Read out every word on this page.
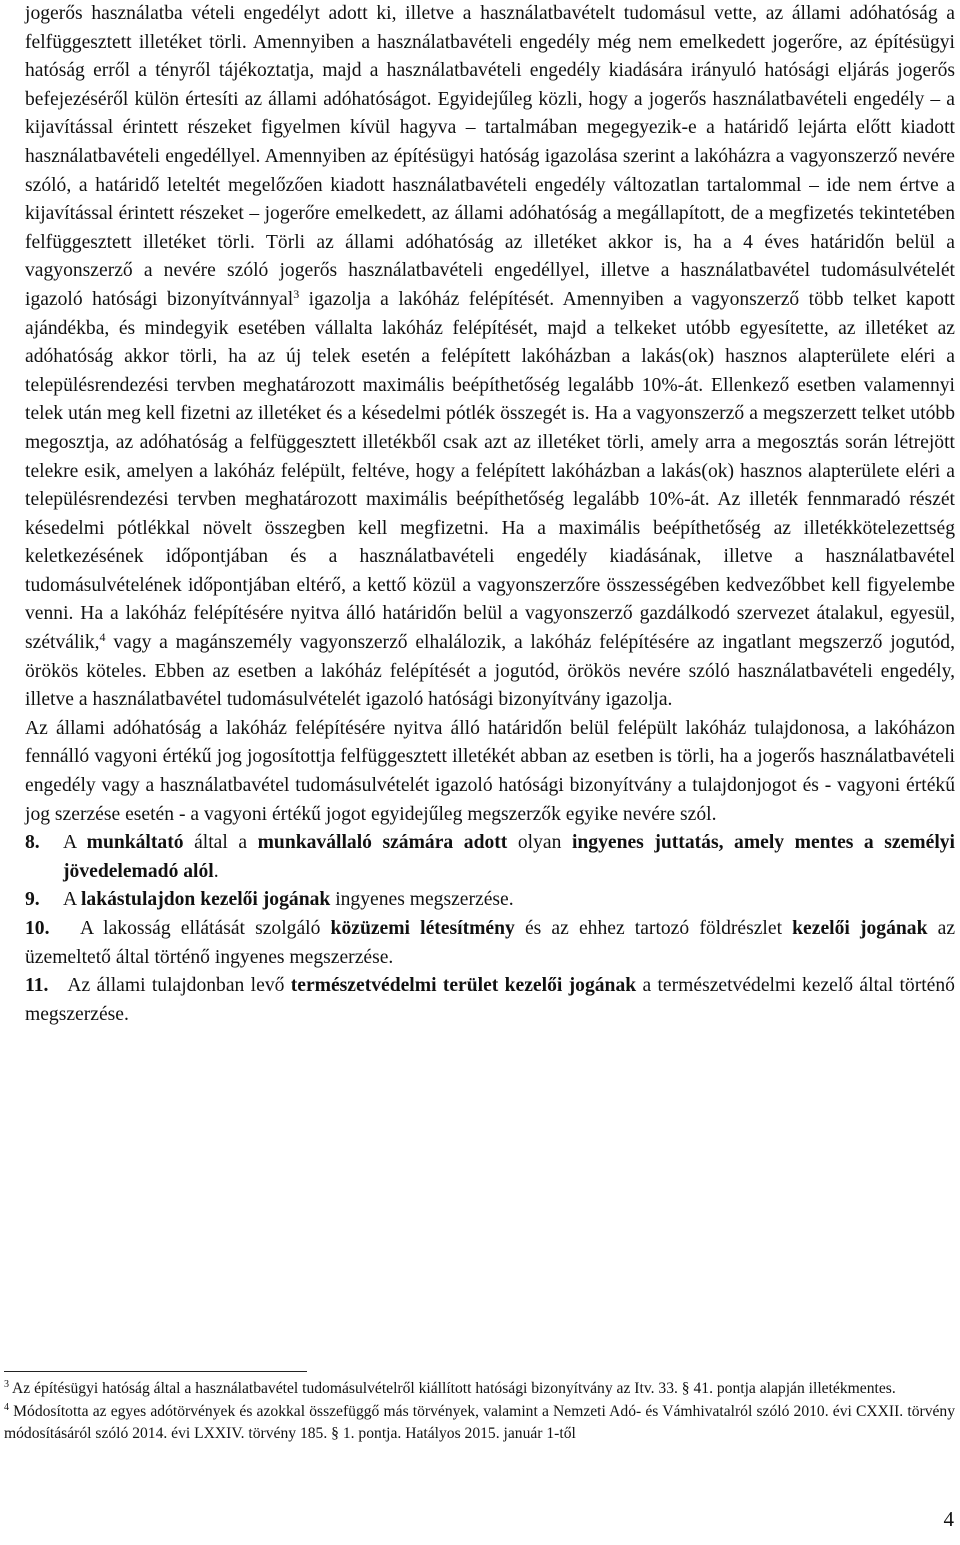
jogerős használatba vételi engedélyt adott ki, illetve a használatbavételt tudomásul vette, az állami adóhatóság a felfüggesztett illetéket törli. Amennyiben a használatbavételi engedély még nem emelkedett jogerőre, az építésügyi hatóság erről a tényről tájékoztatja, majd a használatbavételi engedély kiadására irányuló hatósági eljárás jogerős befejezéséről külön értesíti az állami adóhatóságot. Egyidejűleg közli, hogy a jogerős használatbavételi engedély – a kijavítással érintett részeket figyelmen kívül hagyva – tartalmában megegyezik-e a határidő lejárta előtt kiadott használatbavételi engedéllyel. Amennyiben az építésügyi hatóság igazolása szerint a lakóházra a vagyonszerző nevére szóló, a határidő leteltét megelőzően kiadott használatbavételi engedély változatlan tartalommal – ide nem értve a kijavítással érintett részeket – jogerőre emelkedett, az állami adóhatóság a megállapított, de a megfizetés tekintetében felfüggesztett illetéket törli. Törli az állami adóhatóság az illetéket akkor is, ha a 4 éves határidőn belül a vagyonszerző a nevére szóló jogerős használatbavételi engedéllyel, illetve a használatbavétel tudomásulvételét igazoló hatósági bizonyítvánnyal$^3$ igazolja a lakóház felépítését. Amennyiben a vagyonszerző több telket kapott ajándékba, és mindegyik esetében vállalta lakóház felépítését, majd a telkeket utóbb egyesítette, az illetéket az adóhatóság akkor törli, ha az új telek esetén a felépített lakóházban a lakás(ok) hasznos alapterülete eléri a településrendezési tervben meghatározott maximális beépíthetőség legalább 10%-át. Ellenkező esetben valamennyi telek után meg kell fizetni az illetéket és a késedelmi pótlék összegét is. Ha a vagyonszerző a megszerzett telket utóbb megosztja, az adóhatóság a felfüggesztett illetékből csak azt az illetéket törli, amely arra a megosztás során létrejött telekre esik, amelyen a lakóház felépült, feltéve, hogy a felépített lakóházban a lakás(ok) hasznos alapterülete eléri a településrendezési tervben meghatározott maximális beépíthetőség legalább 10%-át. Az illeték fennmaradó részét késedelmi pótlékkal növelt összegben kell megfizetni. Ha a maximális beépíthetőség az illetékkötelezettség keletkezésének időpontjában és a használatbavételi engedély kiadásának, illetve a használatbavétel tudomásulvételének időpontjában eltérő, a kettő közül a vagyonszerzőre összességében kedvezőbbet kell figyelembe venni. Ha a lakóház felépítésére nyitva álló határidőn belül a vagyonszerző gazdálkodó szervezet átalakul, egyesül, szétválik,$^4$ vagy a magánszemély vagyonszerző elhalálozik, a lakóház felépítésére az ingatlant megszerző jogutód, örökös köteles. Ebben az esetben a lakóház felépítését a jogutód, örökös nevére szóló használatbavételi engedély, illetve a használatbavétel tudomásulvételét igazoló hatósági bizonyítvány igazolja.

Az állami adóhatóság a lakóház felépítésére nyitva álló határidőn belül felépült lakóház tulajdonosa, a lakóházon fennálló vagyoni értékű jog jogosítottja felfüggesztett illetékét abban az esetben is törli, ha a jogerős használatbavételi engedély vagy a használatbavétel tudomásulvételét igazoló hatósági bizonyítvány a tulajdonjogot és - vagyoni értékű jog szerzése esetén - a vagyoni értékű jogot egyidejűleg megszerzők egyike nevére szól.

8.	A munkáltató által a munkavállaló számára adott olyan ingyenes juttatás, amely mentes a személyi jövedelemadó alól.
9.	A lakástulajdon kezelői jogának ingyenes megszerzése.
10. A lakosság ellátását szolgáló közüzemi létesítmény és az ehhez tartozó földrészlet kezelői jogának az üzemeltető által történő ingyenes megszerzése.
11. Az állami tulajdonban levő természetvédelmi terület kezelői jogának a természetvédelmi kezelő által történő megszerzése.

$^3$ Az építésügyi hatóság által a használatbavétel tudomásulvételről kiállított hatósági bizonyítvány az Itv. 33. § 41. pontja alapján illetékmentes.

$^4$ Módosította az egyes adótörvények és azokkal összefüggő más törvények, valamint a Nemzeti Adó- és Vámhivatalról szóló 2010. évi CXXII. törvény módosításáról szóló 2014. évi LXXIV. törvény 185. § 1. pontja. Hatályos 2015. január 1-től

4
